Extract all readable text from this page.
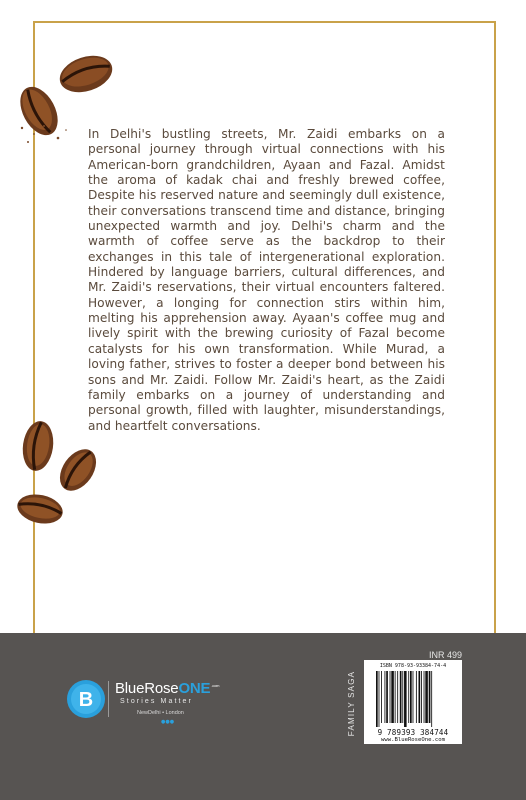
In Delhi's bustling streets, Mr. Zaidi embarks on a personal journey through virtual connections with his American-born grandchildren, Ayaan and Fazal. Amidst the aroma of kadak chai and freshly brewed coffee, Despite his reserved nature and seemingly dull existence, their conversations transcend time and distance, bringing unexpected warmth and joy. Delhi's charm and the warmth of coffee serve as the backdrop to their exchanges in this tale of intergenerational exploration. Hindered by language barriers, cultural differences, and Mr. Zaidi's reservations, their virtual encounters faltered. However, a longing for connection stirs within him, melting his apprehension away. Ayaan's coffee mug and lively spirit with the brewing curiosity of Fazal become catalysts for his own transformation. While Murad, a loving father, strives to foster a deeper bond between his sons and Mr. Zaidi. Follow Mr. Zaidi's heart, as the Zaidi family embarks on a journey of understanding and personal growth, filled with laughter, misunderstandings, and heartfelt conversations.

B
BlueRoseONE$^{.com}$
Stories Matter
NewDelhi • London
●●●
INR 499
FAMILY SAGA
ISBN 978-93-93384-74-4
9 789393 384744
www.BlueRoseOne.com
